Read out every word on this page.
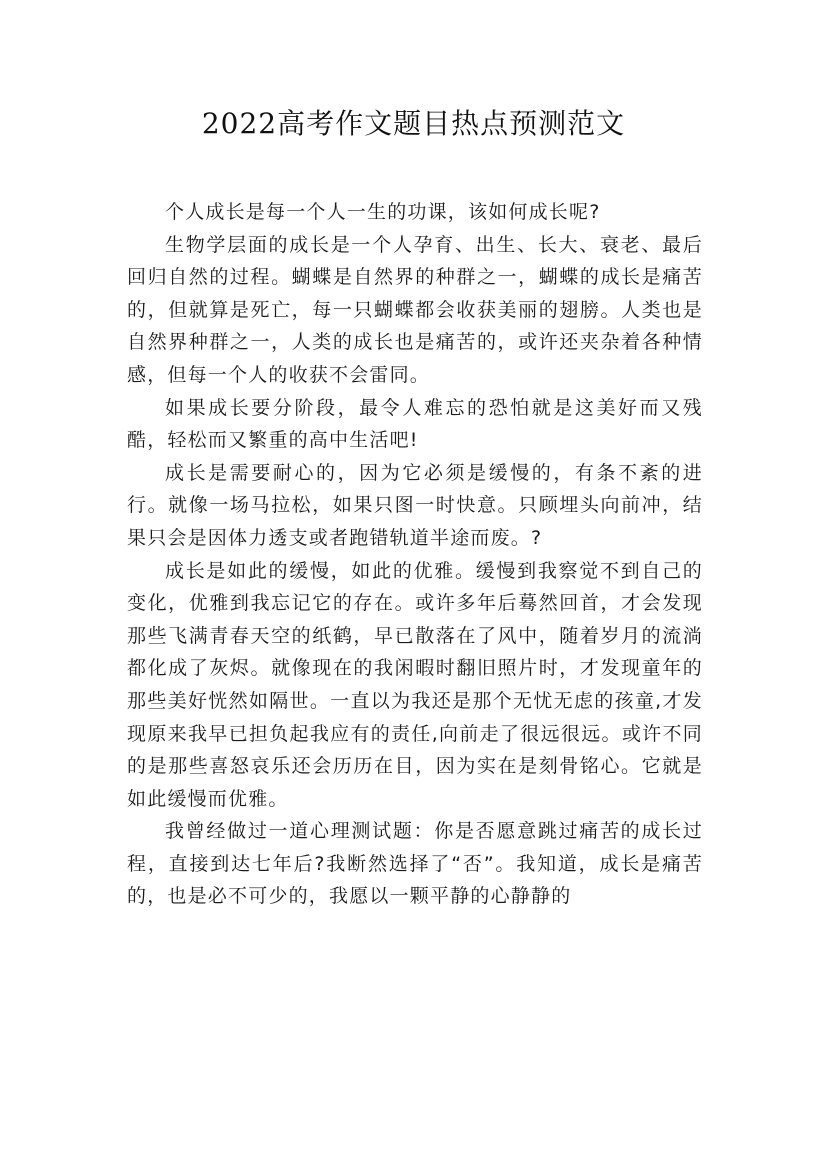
2022高考作文题目热点预测范文

个人成长是每一个人一生的功课，该如何成长呢?

生物学层面的成长是一个人孕育、出生、长大、衰老、最后回归自然的过程。蝴蝶是自然界的种群之一，蝴蝶的成长是痛苦的，但就算是死亡，每一只蝴蝶都会收获美丽的翅膀。人类也是自然界种群之一，人类的成长也是痛苦的，或许还夹杂着各种情感，但每一个人的收获不会雷同。

如果成长要分阶段，最令人难忘的恐怕就是这美好而又残酷，轻松而又繁重的高中生活吧!

成长是需要耐心的，因为它必须是缓慢的，有条不紊的进行。就像一场马拉松，如果只图一时快意。只顾埋头向前冲，结果只会是因体力透支或者跑错轨道半途而废。?

成长是如此的缓慢，如此的优雅。缓慢到我察觉不到自己的变化，优雅到我忘记它的存在。或许多年后蓦然回首，才会发现那些飞满青春天空的纸鹤，早已散落在了风中，随着岁月的流淌都化成了灰烬。就像现在的我闲暇时翻旧照片时，才发现童年的那些美好恍然如隔世。一直以为我还是那个无忧无虑的孩童,才发现原来我早已担负起我应有的责任,向前走了很远很远。或许不同的是那些喜怒哀乐还会历历在目，因为实在是刻骨铭心。它就是如此缓慢而优雅。

我曾经做过一道心理测试题：你是否愿意跳过痛苦的成长过程，直接到达七年后?我断然选择了“否”。我知道，成长是痛苦的，也是必不可少的，我愿以一颗平静的心静静的
